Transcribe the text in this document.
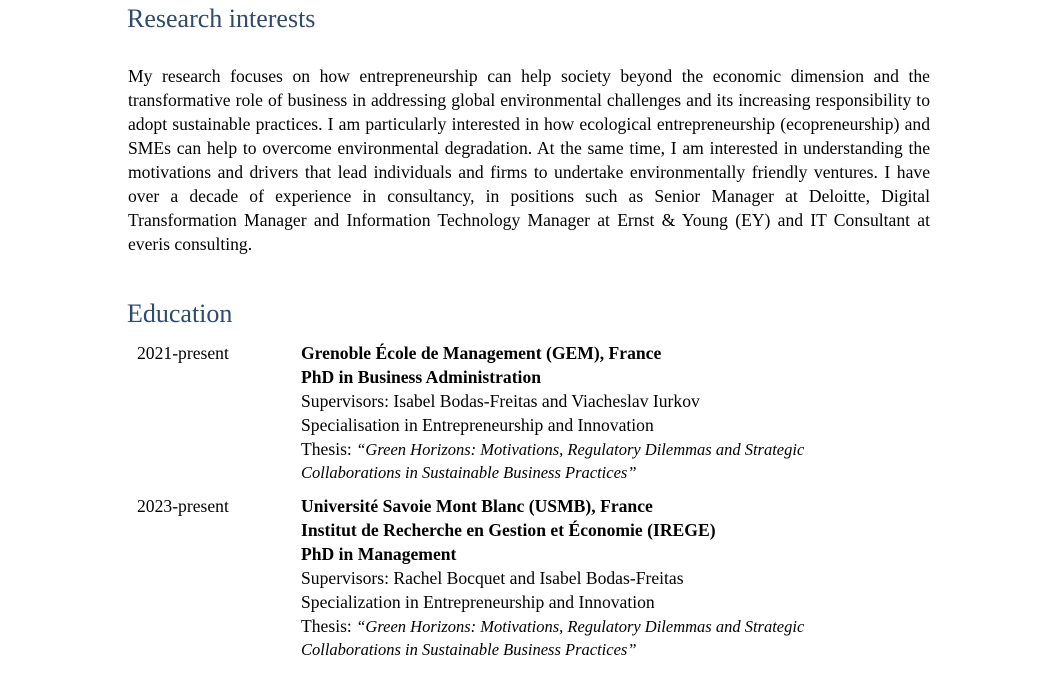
Research interests

My research focuses on how entrepreneurship can help society beyond the economic dimension and the transformative role of business in addressing global environmental challenges and its increasing responsibility to adopt sustainable practices. I am particularly interested in how ecological entrepreneurship (ecopreneurship) and SMEs can help to overcome environmental degradation. At the same time, I am interested in understanding the motivations and drivers that lead individuals and firms to undertake environmentally friendly ventures. I have over a decade of experience in consultancy, in positions such as Senior Manager at Deloitte, Digital Transformation Manager and Information Technology Manager at Ernst & Young (EY) and IT Consultant at everis consulting.

Education
2021-present	Grenoble École de Management (GEM), France
PhD in Business Administration
Supervisors: Isabel Bodas-Freitas and Viacheslav Iurkov
Specialisation in Entrepreneurship and Innovation
Thesis: “Green Horizons: Motivations, Regulatory Dilemmas and Strategic
Collaborations in Sustainable Business Practices”
2023-present	Université Savoie Mont Blanc (USMB), France
Institut de Recherche en Gestion et Économie (IREGE)
PhD in Management
Supervisors: Rachel Bocquet and Isabel Bodas-Freitas
Specialization in Entrepreneurship and Innovation
Thesis: “Green Horizons: Motivations, Regulatory Dilemmas and Strategic
Collaborations in Sustainable Business Practices”
